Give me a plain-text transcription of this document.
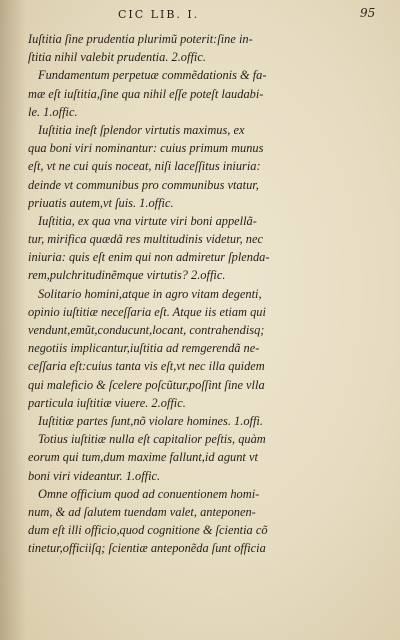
CIC LIB. I.	95
Iuſtitia ſine prudentia plurimũ poterit:ſine in-
ſtitia nihil valebit prudentia. 2.offic.
Fundamentum perpetuæ commẽdationis & fa-
mæ eſt iuſtitia,ſine qua nihil eſſe poteſt laudabi-
le. 1.offic.
Iuſtitia ineſt ſplendor virtutis maximus, ex
qua boni viri nominantur: cuius primum munus
eſt, vt ne cui quis noceat, niſi laceſſitus iniuria:
deinde vt communibus pro communibus vtatur,
priuatis autem,vt ſuis. 1.offic.
Iuſtitia, ex qua vna virtute viri boni appellã-
tur, mirifica quædã res multitudinis videtur, nec
iniuria: quis eſt enim qui non admiretur ſplenda-
rem,pulchritudinẽmque virtutis? 2.offic.
Solitario homini,atque in agro vitam degenti,
opinio iuſtitiæ neceſſaria eſt. Atque iis etiam qui
vendunt,emũt,conducunt,locant, contrahendisq;
negotiis implicantur,iuſtitia ad remgerendã ne-
ceſſaria eſt:cuius tanta vis eſt,vt nec illa quidem
qui maleficio & ſcelere poſcũtur,poſſint ſine vlla
particula iuſtitiæ viuere. 2.offic.
Iuſtitiæ partes ſunt,nõ violare homines. 1.offi.
Totius iuſtitiæ nulla eſt capitalior peſtis, quàm
eorum qui tum,dum maxime fallunt,id agunt vt
boni viri videantur. 1.offic.
Omne officium quod ad conuentionem homi-
num, & ad ſalutem tuendam valet, anteponen-
dum eſt illi officio,quod cognitione & ſcientia cõ
tinetur,officiiſq; ſcientiæ anteponẽda ſunt officia
